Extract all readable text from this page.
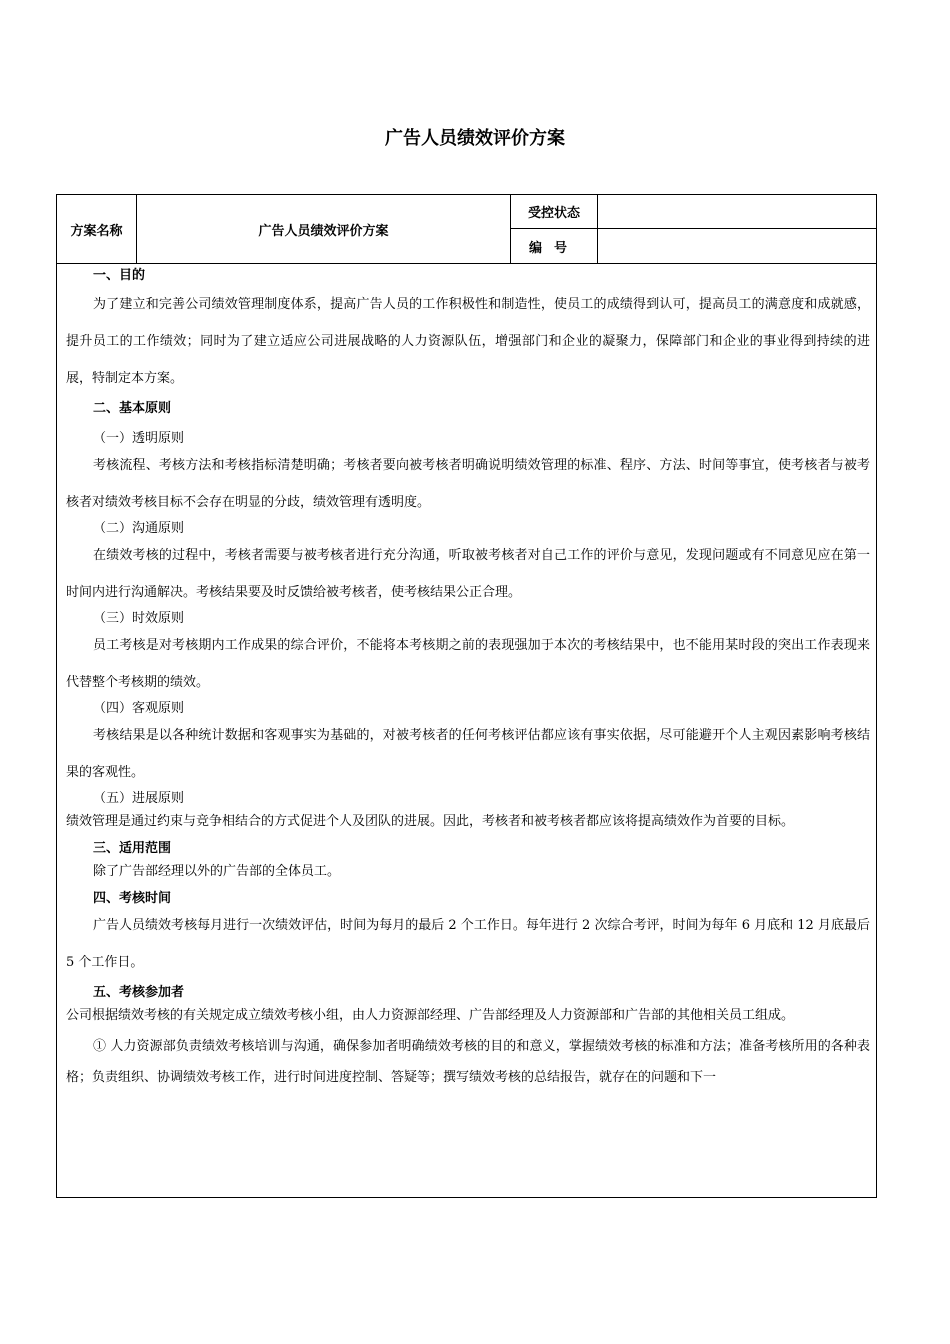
广告人员绩效评价方案
方案名称	广告人员绩效评价方案
受控状态
编号
一、目的

为了建立和完善公司绩效管理制度体系，提高广告人员的工作积极性和制造性，使员工的成绩得到认可，提高员工的满意度和成就感，提升员工的工作绩效；同时为了建立适应公司进展战略的人力资源队伍，增强部门和企业的凝聚力，保障部门和企业的事业得到持续的进展，特制定本方案。

二、基本原则
（一）透明原则

考核流程、考核方法和考核指标清楚明确；考核者要向被考核者明确说明绩效管理的标准、程序、方法、时间等事宜，使考核者与被考核者对绩效考核目标不会存在明显的分歧，绩效管理有透明度。

（二）沟通原则

在绩效考核的过程中，考核者需要与被考核者进行充分沟通，听取被考核者对自己工作的评价与意见，发现问题或有不同意见应在第一时间内进行沟通解决。考核结果要及时反馈给被考核者，使考核结果公正合理。

（三）时效原则

员工考核是对考核期内工作成果的综合评价，不能将本考核期之前的表现强加于本次的考核结果中，也不能用某时段的突出工作表现来代替整个考核期的绩效。

（四）客观原则

考核结果是以各种统计数据和客观事实为基础的，对被考核者的任何考核评估都应该有事实依据，尽可能避开个人主观因素影响考核结果的客观性。

（五）进展原则

绩效管理是通过约束与竞争相结合的方式促进个人及团队的进展。因此，考核者和被考核者都应该将提高绩效作为首要的目标。

三、适用范围

除了广告部经理以外的广告部的全体员工。

四、考核时间

广告人员绩效考核每月进行一次绩效评估，时间为每月的最后 2 个工作日。每年进行 2 次综合考评，时间为每年 6 月底和 12 月底最后 5 个工作日。

五、考核参加者

公司根据绩效考核的有关规定成立绩效考核小组，由人力资源部经理、广告部经理及人力资源部和广告部的其他相关员工组成。

① 人力资源部负责绩效考核培训与沟通，确保参加者明确绩效考核的目的和意义，掌握绩效考核的标准和方法；准备考核所用的各种表格；负责组织、协调绩效考核工作，进行时间进度控制、答疑等；撰写绩效考核的总结报告，就存在的问题和下一
